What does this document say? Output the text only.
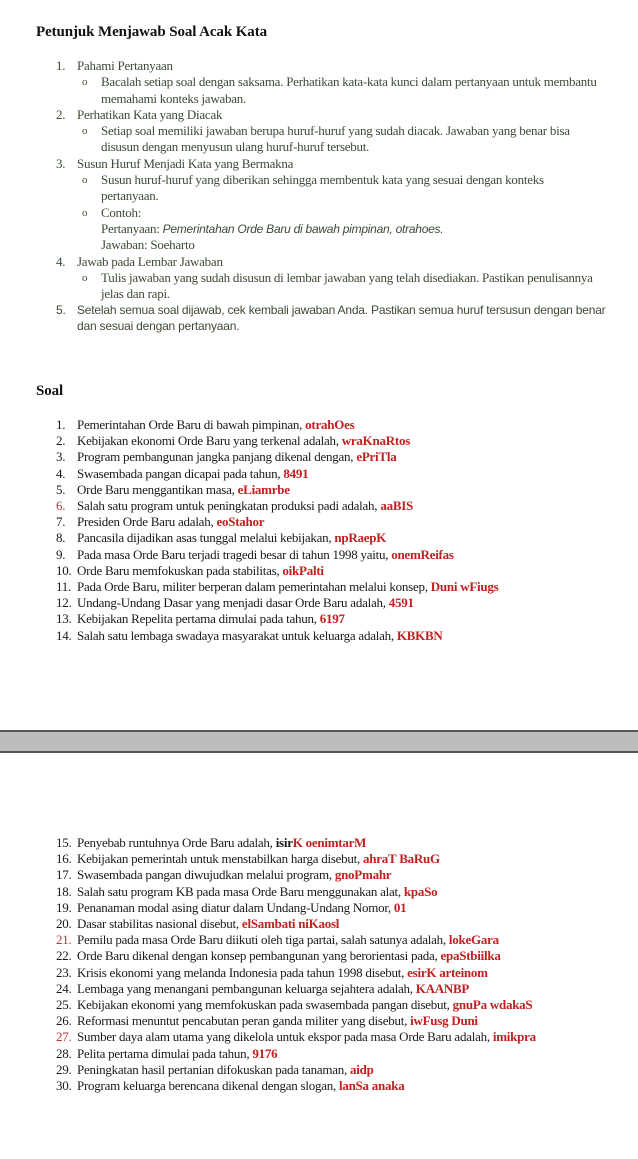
Petunjuk Menjawab Soal Acak Kata
1. Pahami Pertanyaan
o Bacalah setiap soal dengan saksama. Perhatikan kata-kata kunci dalam pertanyaan untuk membantu memahami konteks jawaban.
2. Perhatikan Kata yang Diacak
o Setiap soal memiliki jawaban berupa huruf-huruf yang sudah diacak. Jawaban yang benar bisa disusun dengan menyusun ulang huruf-huruf tersebut.
3. Susun Huruf Menjadi Kata yang Bermakna
o Susun huruf-huruf yang diberikan sehingga membentuk kata yang sesuai dengan konteks pertanyaan.
o Contoh:
Pertanyaan: Pemerintahan Orde Baru di bawah pimpinan, otrahoes.
Jawaban: Soeharto
4. Jawab pada Lembar Jawaban
o Tulis jawaban yang sudah disusun di lembar jawaban yang telah disediakan. Pastikan penulisannya jelas dan rapi.
5. Setelah semua soal dijawab, cek kembali jawaban Anda. Pastikan semua huruf tersusun dengan benar dan sesuai dengan pertanyaan.
Soal
1. Pemerintahan Orde Baru di bawah pimpinan, otrahOes
2. Kebijakan ekonomi Orde Baru yang terkenal adalah, wraKnaRtos
3. Program pembangunan jangka panjang dikenal dengan, ePriTla
4. Swasembada pangan dicapai pada tahun, 8491
5. Orde Baru menggantikan masa, eLiamrbe
6. Salah satu program untuk peningkatan produksi padi adalah, aaBIS
7. Presiden Orde Baru adalah, eoStahor
8. Pancasila dijadikan asas tunggal melalui kebijakan, npRaepK
9. Pada masa Orde Baru terjadi tragedi besar di tahun 1998 yaitu, onemReifas
10. Orde Baru memfokuskan pada stabilitas, oikPalti
11. Pada Orde Baru, militer berperan dalam pemerintahan melalui konsep, Duni wFiugs
12. Undang-Undang Dasar yang menjadi dasar Orde Baru adalah, 4591
13. Kebijakan Repelita pertama dimulai pada tahun, 6197
14. Salah satu lembaga swadaya masyarakat untuk keluarga adalah, KBKBN
15. Penyebab runtuhnya Orde Baru adalah, isirK oenimtarM
16. Kebijakan pemerintah untuk menstabilkan harga disebut, ahraT BaRuG
17. Swasembada pangan diwujudkan melalui program, gnoPmahr
18. Salah satu program KB pada masa Orde Baru menggunakan alat, kpaSo
19. Penanaman modal asing diatur dalam Undang-Undang Nomor, 01
20. Dasar stabilitas nasional disebut, elSambati niKaosl
21. Pemilu pada masa Orde Baru diikuti oleh tiga partai, salah satunya adalah, lokeGara
22. Orde Baru dikenal dengan konsep pembangunan yang berorientasi pada, epaStbiilka
23. Krisis ekonomi yang melanda Indonesia pada tahun 1998 disebut, esirK arteinom
24. Lembaga yang menangani pembangunan keluarga sejahtera adalah, KAANBP
25. Kebijakan ekonomi yang memfokuskan pada swasembada pangan disebut, gnuPa wdakaS
26. Reformasi menuntut pencabutan peran ganda militer yang disebut, iwFusg Duni
27. Sumber daya alam utama yang dikelola untuk ekspor pada masa Orde Baru adalah, imikpra
28. Pelita pertama dimulai pada tahun, 9176
29. Peningkatan hasil pertanian difokuskan pada tanaman, aidp
30. Program keluarga berencana dikenal dengan slogan, lanSa anaka
